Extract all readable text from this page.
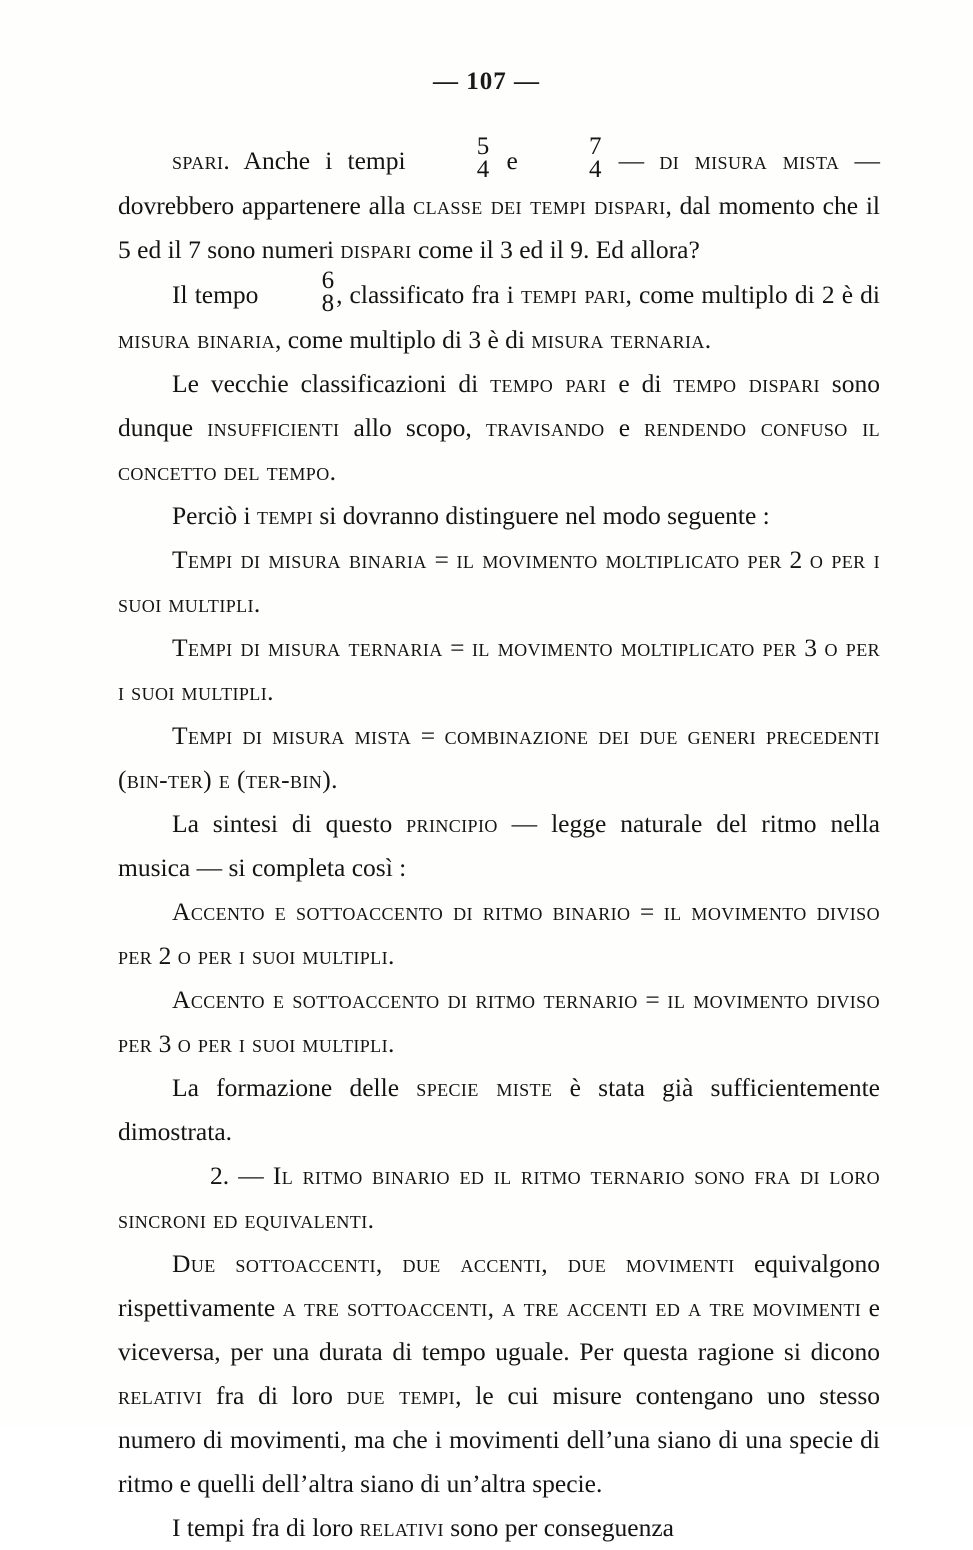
— 107 —

spari. Anche i tempi	5
4 e	7
4 — di misura mista — dovrebbero appartenere alla classe dei tempi dispari, dal momento che il 5 ed il 7 sono numeri dispari come il 3 ed il 9. Ed allora?

Il tempo	6
8 , classificato fra i tempi pari, come multiplo di 2 è di misura binaria, come multiplo di 3 è di misura ternaria.

Le vecchie classificazioni di tempo pari e di tempo dispari sono dunque insufficienti allo scopo, travisando e rendendo confuso il concetto del tempo.

Perciò i tempi si dovranno distinguere nel modo seguente :

Tempi di misura binaria = il movimento moltiplicato per 2 o per i suoi multipli.

Tempi di misura ternaria = il movimento moltiplicato per 3 o per i suoi multipli.

Tempi di misura mista = combinazione dei due generi precedenti (bin-ter) e (ter-bin).

La sintesi di questo principio — legge naturale del ritmo nella musica — si completa così :

Accento e sottoaccento di ritmo binario = il movimento diviso per 2 o per i suoi multipli.

Accento e sottoaccento di ritmo ternario = il movimento diviso per 3 o per i suoi multipli.

La formazione delle specie miste è stata già sufficientemente dimostrata.

2. — Il ritmo binario ed il ritmo ternario sono fra di loro sincroni ed equivalenti.

Due sottoaccenti, due accenti, due movimenti equivalgono rispettivamente a tre sottoaccenti, a tre accenti ed a tre movimenti e viceversa, per una durata di tempo uguale. Per questa ragione si dicono relativi fra di loro due tempi, le cui misure contengano uno stesso numero di movimenti, ma che i movimenti dell’una siano di una specie di ritmo e quelli dell’altra siano di un’altra specie.

I tempi fra di loro relativi sono per conseguenza
